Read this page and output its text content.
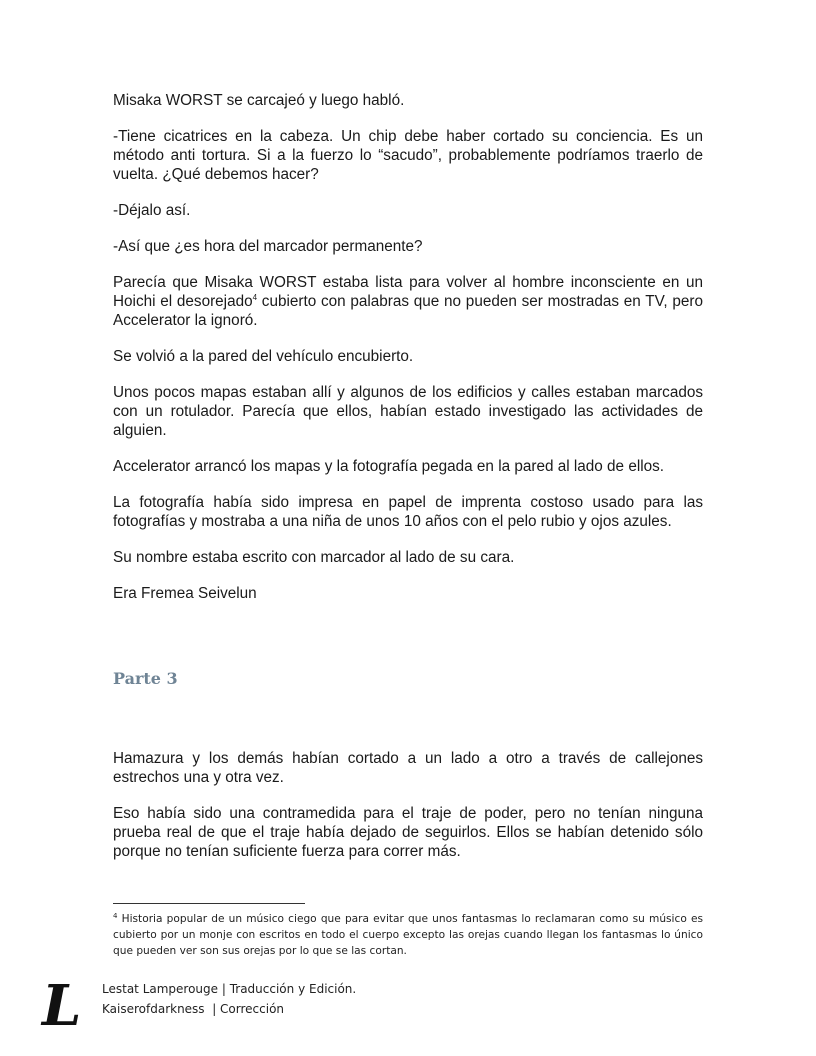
Misaka WORST se carcajeó y luego habló.

-Tiene cicatrices en la cabeza. Un chip debe haber cortado su conciencia. Es un método anti tortura. Si a la fuerzo lo “sacudo”, probablemente podríamos traerlo de vuelta. ¿Qué debemos hacer?

-Déjalo así.

-Así que ¿es hora del marcador permanente?

Parecía que Misaka WORST estaba lista para volver al hombre inconsciente en un Hoichi el desorejado$^4$ cubierto con palabras que no pueden ser mostradas en TV, pero Accelerator la ignoró.

Se volvió a la pared del vehículo encubierto.

Unos pocos mapas estaban allí y algunos de los edificios y calles estaban marcados con un rotulador. Parecía que ellos, habían estado investigado las actividades de alguien.

Accelerator arrancó los mapas y la fotografía pegada en la pared al lado de ellos.

La fotografía había sido impresa en papel de imprenta costoso usado para las fotografías y mostraba a una niña de unos 10 años con el pelo rubio y ojos azules.

Su nombre estaba escrito con marcador al lado de su cara.

Era Fremea Seivelun

Parte 3

Hamazura y los demás habían cortado a un lado a otro a través de callejones estrechos una y otra vez.

Eso había sido una contramedida para el traje de poder, pero no tenían ninguna prueba real de que el traje había dejado de seguirlos. Ellos se habían detenido sólo porque no tenían suficiente fuerza para correr más.

$^4$ Historia popular de un músico ciego que para evitar que unos fantasmas lo reclamaran como su músico es cubierto por un monje con escritos en todo el cuerpo excepto las orejas cuando llegan los fantasmas lo único que pueden ver son sus orejas por lo que se las cortan.
L Lestat Lamperouge | Traducción y Edición.
Kaiserofdarkness  | Corrección
